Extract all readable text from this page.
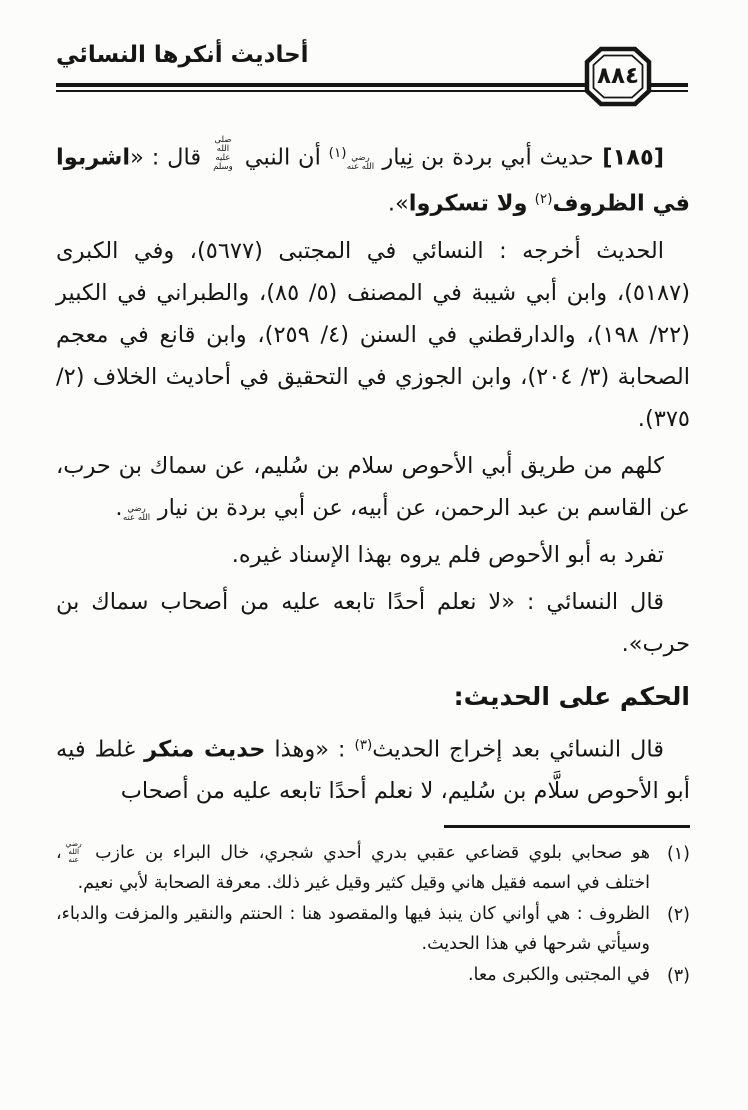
أحاديث أنكرها النسائي
٨٨٤

[١٨٥] حديث أبي بردة بن نِيار رضي الله عنه$^{(١)}$ أن النبي صلى الله عليه وسلم قال : «اشربوا في الظروف$^{(٢)}$ ولا تسكروا».

الحديث أخرجه : النسائي في المجتبى (٥٦٧٧)، وفي الكبرى (٥١٨٧)، وابن أبي شيبة في المصنف (٥/ ٨٥)، والطبراني في الكبير (٢٢/ ١٩٨)، والدارقطني في السنن (٤/ ٢٥٩)، وابن قانع في معجم الصحابة (٣/ ٢٠٤)، وابن الجوزي في التحقيق في أحاديث الخلاف (٢/ ٣٧٥).

كلهم من طريق أبي الأحوص سلام بن سُليم، عن سماك بن حرب، عن القاسم بن عبد الرحمن، عن أبيه، عن أبي بردة بن نيار رضي الله عنه.

تفرد به أبو الأحوص فلم يروه بهذا الإسناد غيره.

قال النسائي : «لا نعلم أحدًا تابعه عليه من أصحاب سماك بن حرب».

الحكم على الحديث:

قال النسائي بعد إخراج الحديث$^{(٣)}$ : «وهذا حديث منكر غلط فيه أبو الأحوص سلَّام بن سُليم، لا نعلم أحدًا تابعه عليه من أصحاب

(١)
هو صحابي بلوي قضاعي عقبي بدري أحدي شجري، خال البراء بن عازب رضي الله عنه، اختلف في اسمه فقيل هاني وقيل كثير وقيل غير ذلك. معرفة الصحابة لأبي نعيم.
(٢)
الظروف : هي أواني كان ينبذ فيها والمقصود هنا : الحنتم والنقير والمزفت والدباء، وسيأتي شرحها في هذا الحديث.
(٣)
في المجتبى والكبرى معا.
